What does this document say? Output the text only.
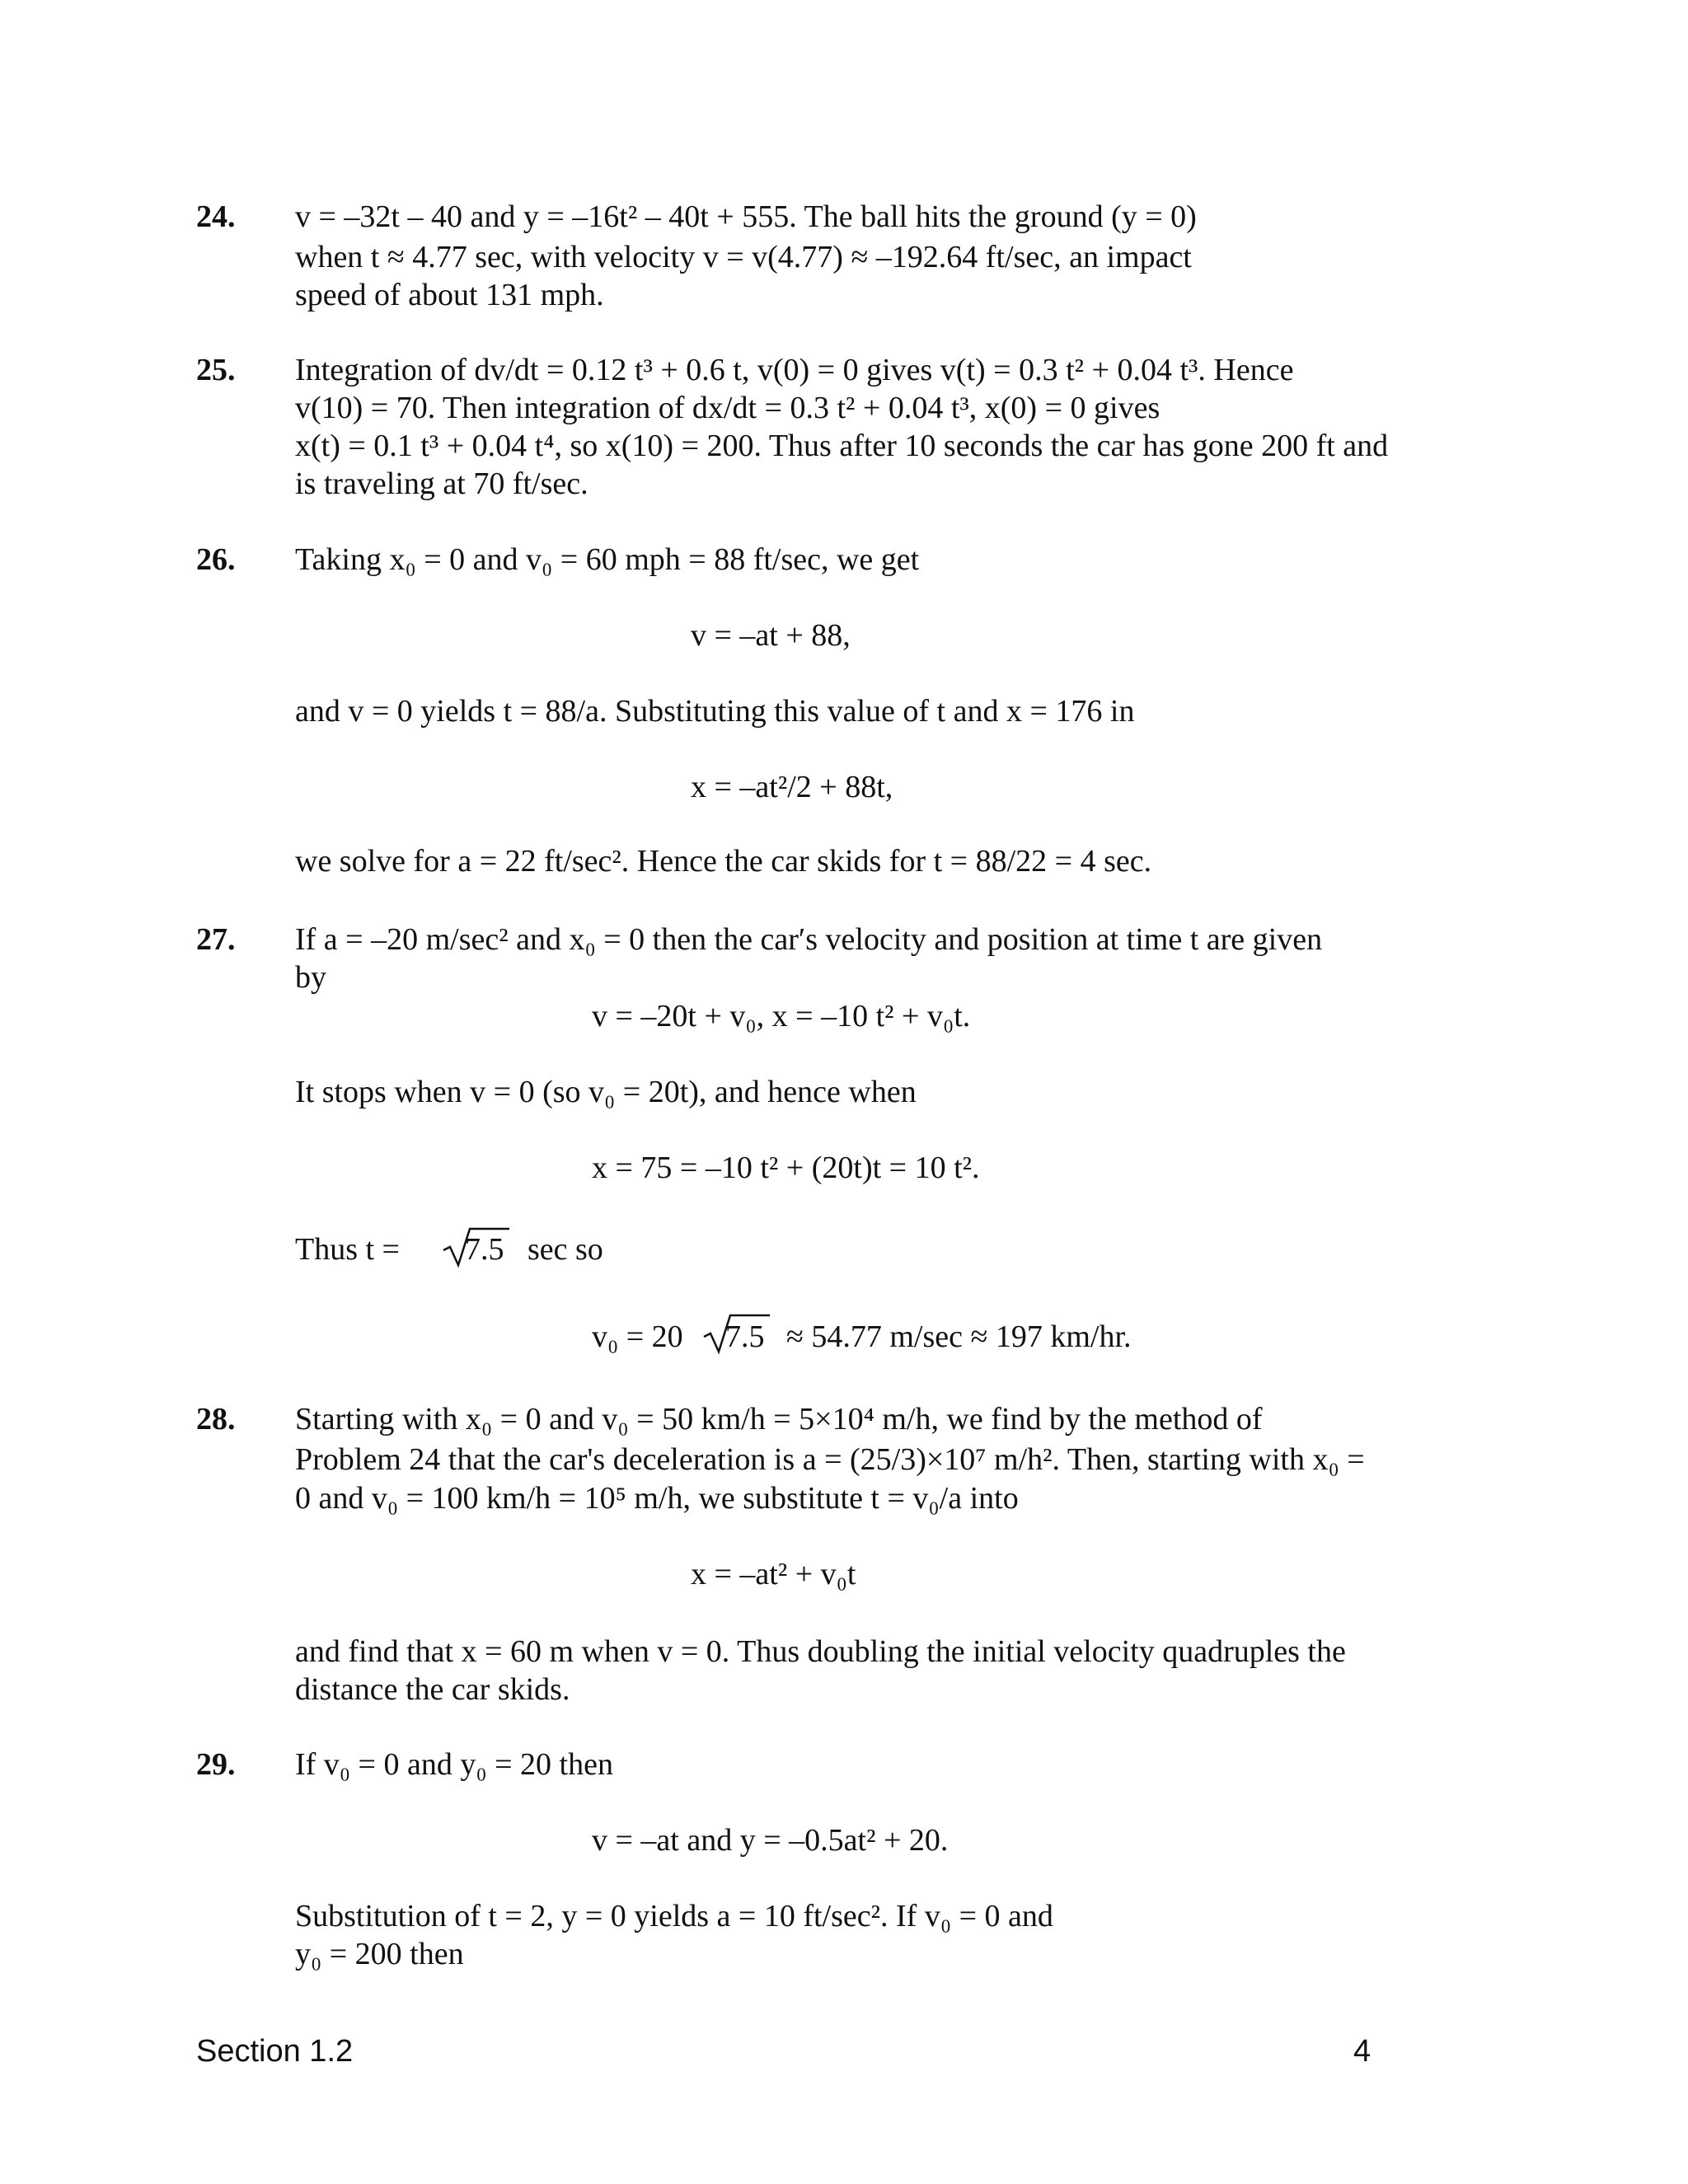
24. v = –32t – 40 and y = –16t² – 40t + 555. The ball hits the ground (y = 0)
when t ≈ 4.77 sec, with velocity v = v(4.77) ≈ –192.64 ft/sec, an impact
speed of about 131 mph.
25. Integration of dv/dt = 0.12 t³ + 0.6 t, v(0) = 0 gives v(t) = 0.3 t² + 0.04 t³. Hence
v(10) = 70. Then integration of dx/dt = 0.3 t² + 0.04 t³, x(0) = 0 gives
x(t) = 0.1 t³ + 0.04 t⁴, so x(10) = 200. Thus after 10 seconds the car has gone 200 ft and
is traveling at 70 ft/sec.
26. Taking x₀ = 0 and v₀ = 60 mph = 88 ft/sec, we get
v = –at + 88,
and v = 0 yields t = 88/a. Substituting this value of t and x = 176 in
x = –at²/2 + 88t,
we solve for a = 22 ft/sec². Hence the car skids for t = 88/22 = 4 sec.
27. If a = –20 m/sec² and x₀ = 0 then the car′s velocity and position at time t are given
by
v = –20t + v₀, x = –10 t² + v₀t.
It stops when v = 0 (so v₀ = 20t), and hence when
x = 75 = –10 t² + (20t)t = 10 t².
Thus t = 7.5 sec so
v₀ = 20 7.5 ≈ 54.77 m/sec ≈ 197 km/hr.
28. Starting with x₀ = 0 and v₀ = 50 km/h = 5×10⁴ m/h, we find by the method of
Problem 24 that the car's deceleration is a = (25/3)×10⁷ m/h². Then, starting with x₀ =
0 and v₀ = 100 km/h = 10⁵ m/h, we substitute t = v₀/a into
x = –at² + v₀t
and find that x = 60 m when v = 0. Thus doubling the initial velocity quadruples the
distance the car skids.
29. If v₀ = 0 and y₀ = 20 then
v = –at and y = –0.5at² + 20.
Substitution of t = 2, y = 0 yields a = 10 ft/sec². If v₀ = 0 and
y₀ = 200 then
Section 1.2	4
